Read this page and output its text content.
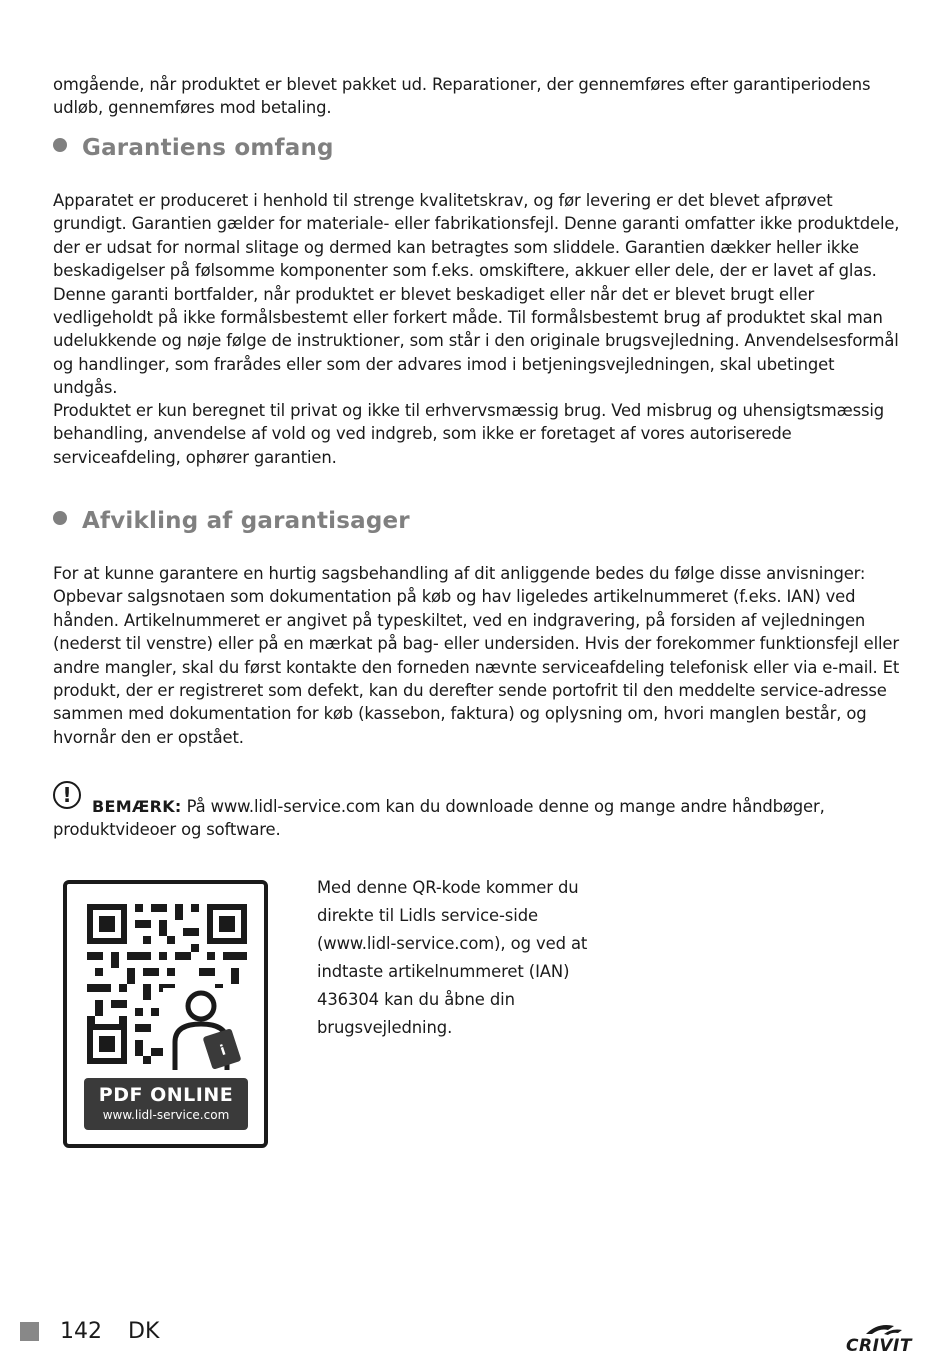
omgående, når produktet er blevet pakket ud. Reparationer, der gennemføres efter garantiperiodens udløb, gennemføres mod betaling.

Garantiens omfang

Apparatet er produceret i henhold til strenge kvalitetskrav, og før levering er det blevet afprøvet grundigt. Garantien gælder for materiale- eller fabrikationsfejl. Denne garanti omfatter ikke produktdele, der er udsat for normal slitage og dermed kan betragtes som sliddele. Garantien dækker heller ikke beskadigelser på følsomme komponenter som f.eks. omskiftere, akkuer eller dele, der er lavet af glas. Denne garanti bortfalder, når produktet er blevet beskadiget eller når det er blevet brugt eller vedligeholdt på ikke formålsbestemt eller forkert måde. Til formålsbestemt brug af produktet skal man udelukkende og nøje følge de instruktioner, som står i den originale brugsvejledning. Anvendelsesformål og handlinger, som frarådes eller som der advares imod i betjeningsvejledningen, skal ubetinget undgås.

Produktet er kun beregnet til privat og ikke til erhvervsmæssig brug. Ved misbrug og uhensigtsmæssig behandling, anvendelse af vold og ved indgreb, som ikke er foretaget af vores autoriserede serviceafdeling, ophører garantien.

Afvikling af garantisager

For at kunne garantere en hurtig sagsbehandling af dit anliggende bedes du følge disse anvisninger: Opbevar salgsnotaen som dokumentation på køb og hav ligeledes artikelnummeret (f.eks. IAN) ved hånden. Artikelnummeret er angivet på typeskiltet, ved en indgravering, på forsiden af vejledningen (nederst til venstre) eller på en mærkat på bag- eller undersiden. Hvis der forekommer funktionsfejl eller andre mangler, skal du først kontakte den forneden nævnte serviceafdeling telefonisk eller via e-mail. Et produkt, der er registreret som defekt, kan du derefter sende portofrit til den meddelte service-adresse sammen med dokumentation for køb (kassebon, faktura) og oplysning om, hvori manglen består, og hvornår den er opstået.

!	BEMÆRK: På www.lidl-service.com kan du downloade denne og mange andre håndbøger,
produktvideoer og software.
i
PDF ONLINE
www.lidl-service.com

Med denne QR-kode kommer du direkte til Lidls service-side (www.lidl-service.com), og ved at indtaste artikelnummeret (IAN) 436304 kan du åbne din brugsvejledning.

142 DK
CRIVIT
